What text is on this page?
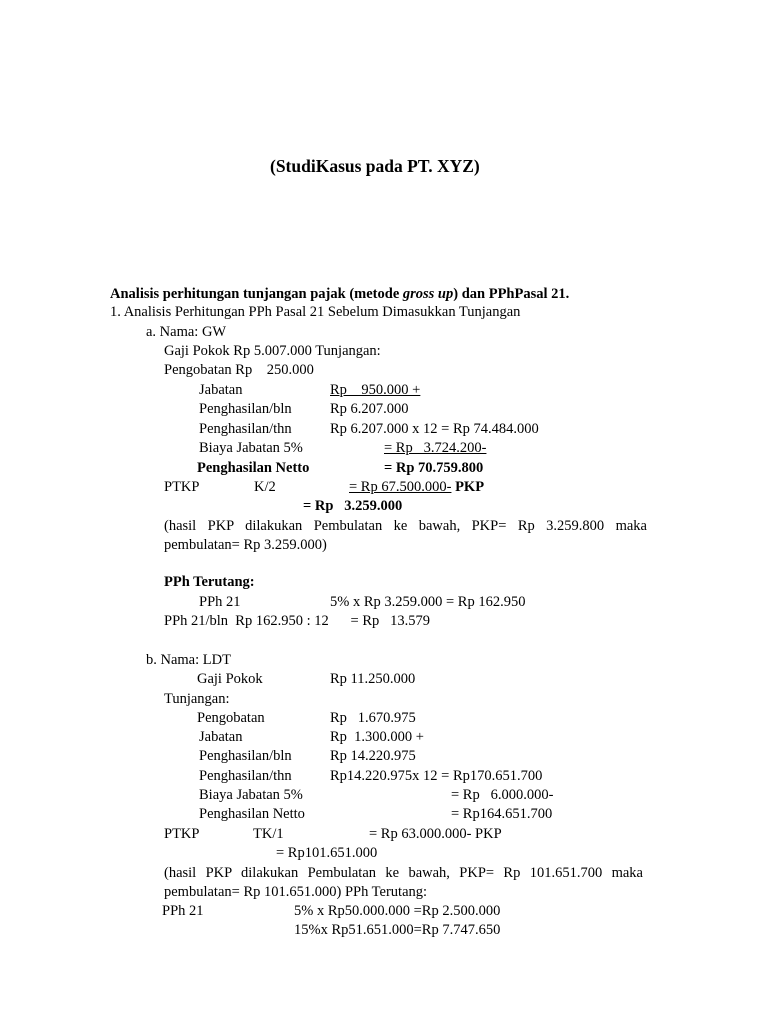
(StudiKasus pada PT. XYZ)
Analisis perhitungan tunjangan pajak (metode gross up) dan PPhPasal 21.
1. Analisis Perhitungan PPh Pasal 21 Sebelum Dimasukkan Tunjangan
a. Nama: GW
Gaji Pokok Rp 5.007.000 Tunjangan:
Pengobatan Rp    250.000
Jabatan	Rp    950.000 +
Penghasilan/bln	Rp 6.207.000
Penghasilan/thn	Rp 6.207.000 x 12 = Rp 74.484.000
Biaya Jabatan 5%	= Rp   3.724.200-
Penghasilan Netto	= Rp 70.759.800
PTKP	K/2	= Rp 67.500.000- PKP
= Rp   3.259.000
(hasil PKP dilakukan Pembulatan ke bawah, PKP= Rp 3.259.800 maka
pembulatan= Rp 3.259.000)
PPh Terutang:
PPh 21	5% x Rp 3.259.000 = Rp 162.950
PPh 21/bln  Rp 162.950 : 12      = Rp   13.579
b. Nama: LDT
Gaji Pokok	Rp 11.250.000
Tunjangan:
Pengobatan	Rp   1.670.975
Jabatan	Rp  1.300.000 +
Penghasilan/bln	Rp 14.220.975
Penghasilan/thn	Rp14.220.975x 12 = Rp170.651.700
Biaya Jabatan 5%	= Rp   6.000.000-
Penghasilan Netto	= Rp164.651.700
PTKP	TK/1	= Rp 63.000.000- PKP
= Rp101.651.000
(hasil PKP dilakukan Pembulatan ke bawah, PKP= Rp 101.651.700 maka
pembulatan= Rp 101.651.000) PPh Terutang:
PPh 21	5% x Rp50.000.000 =Rp 2.500.000
15%x Rp51.651.000=Rp 7.747.650
